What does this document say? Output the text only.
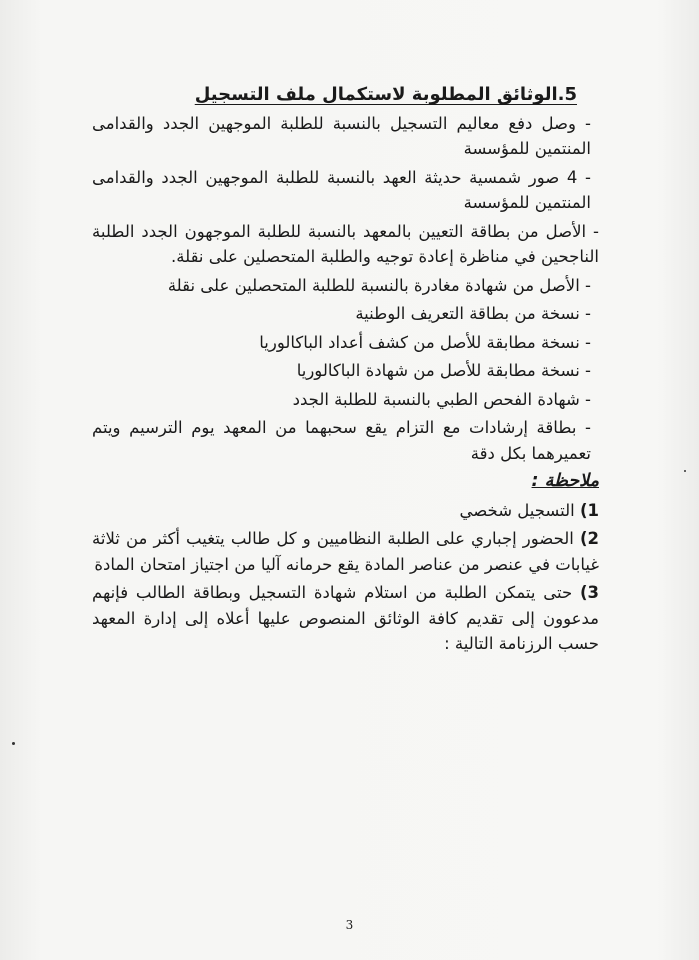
5.الوثائق المطلوبة لاستكمال ملف التسجيل
- وصل دفع معاليم التسجيل بالنسبة للطلبة الموجهين الجدد والقدامى المنتمين للمؤسسة
- 4 صور شمسية حديثة العهد بالنسبة للطلبة الموجهين الجدد والقدامى المنتمين للمؤسسة
- الأصل من بطاقة التعيين بالمعهد بالنسبة للطلبة الموجهون الجدد الطلبة الناجحين في مناظرة إعادة توجيه والطلبة المتحصلين على نقلة.
- الأصل من شهادة مغادرة بالنسبة للطلبة المتحصلين على نقلة
- نسخة من بطاقة التعريف الوطنية
- نسخة مطابقة للأصل من كشف أعداد الباكالوريا
- نسخة مطابقة للأصل من شهادة الباكالوريا
- شهادة الفحص الطبي بالنسبة للطلبة الجدد
- بطاقة إرشادات مع التزام يقع سحبهما من المعهد يوم الترسيم ويتم تعميرهما بكل دقة
ملاحظة :
1) التسجيل شخصي
2) الحضور إجباري على الطلبة النظاميين و كل طالب يتغيب أكثر من ثلاثة غيابات في عنصر من عناصر المادة يقع حرمانه آليا من اجتياز امتحان المادة
3) حتى يتمكن الطلبة من استلام شهادة التسجيل وبطاقة الطالب فإنهم مدعوون إلى تقديم كافة الوثائق المنصوص عليها أعلاه إلى إدارة المعهد حسب الرزنامة التالية :
3
